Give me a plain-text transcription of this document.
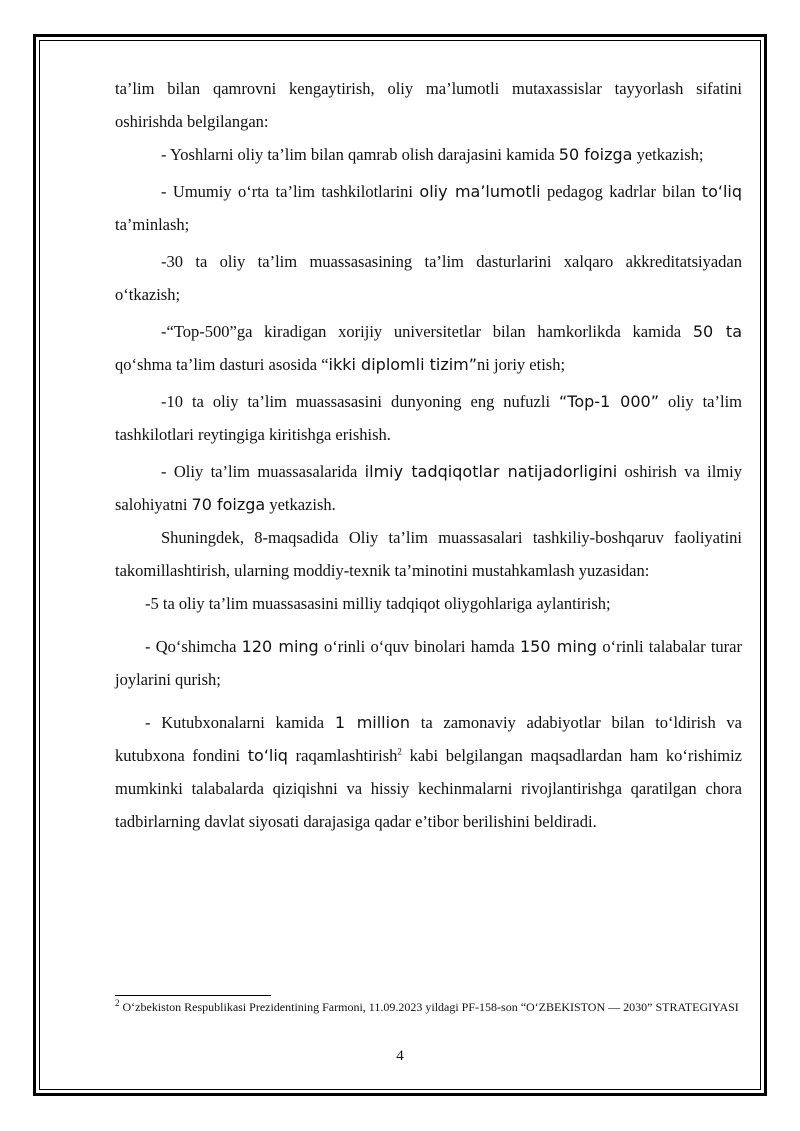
ta’lim bilan qamrovni kengaytirish, oliy ma’lumotli mutaxassislar tayyorlash sifatini oshirishda belgilangan:

- Yoshlarni oliy ta’lim bilan qamrab olish darajasini kamida 50 foizga yetkazish;

- Umumiy o‘rta ta’lim tashkilotlarini oliy ma’lumotli pedagog kadrlar bilan to‘liq ta’minlash;

-30 ta oliy ta’lim muassasasining ta’lim dasturlarini xalqaro akkreditatsiyadan o‘tkazish;

-“Top-500”ga kiradigan xorijiy universitetlar bilan hamkorlikda kamida 50 ta qo‘shma ta’lim dasturi asosida “ikki diplomli tizim”ni joriy etish;

-10 ta oliy ta’lim muassasasini dunyoning eng nufuzli “Top-1 000” oliy ta’lim tashkilotlari reytingiga kiritishga erishish.

- Oliy ta’lim muassasalarida ilmiy tadqiqotlar natijadorligini oshirish va ilmiy salohiyatni 70 foizga yetkazish.

Shuningdek, 8-maqsadida Oliy ta’lim muassasalari tashkiliy-boshqaruv faoliyatini takomillashtirish, ularning moddiy-texnik ta’minotini mustahkamlash yuzasidan:

-5 ta oliy ta’lim muassasasini milliy tadqiqot oliygohlariga aylantirish;

- Qo‘shimcha 120 ming o‘rinli o‘quv binolari hamda 150 ming o‘rinli talabalar turar joylarini qurish;

- Kutubxonalarni kamida 1 million ta zamonaviy adabiyotlar bilan to‘ldirish va kutubxona fondini to‘liq raqamlashtirish$^2$ kabi belgilangan maqsadlardan ham ko‘rishimiz mumkinki talabalarda qiziqishni va hissiy kechinmalarni rivojlantirishga qaratilgan chora tadbirlarning davlat siyosati darajasiga qadar e’tibor berilishini beldiradi.

$^2$ O‘zbekiston Respublikasi Prezidentining Farmoni, 11.09.2023 yildagi PF-158-son “O‘ZBEKISTON — 2030” STRATEGIYASI
4
